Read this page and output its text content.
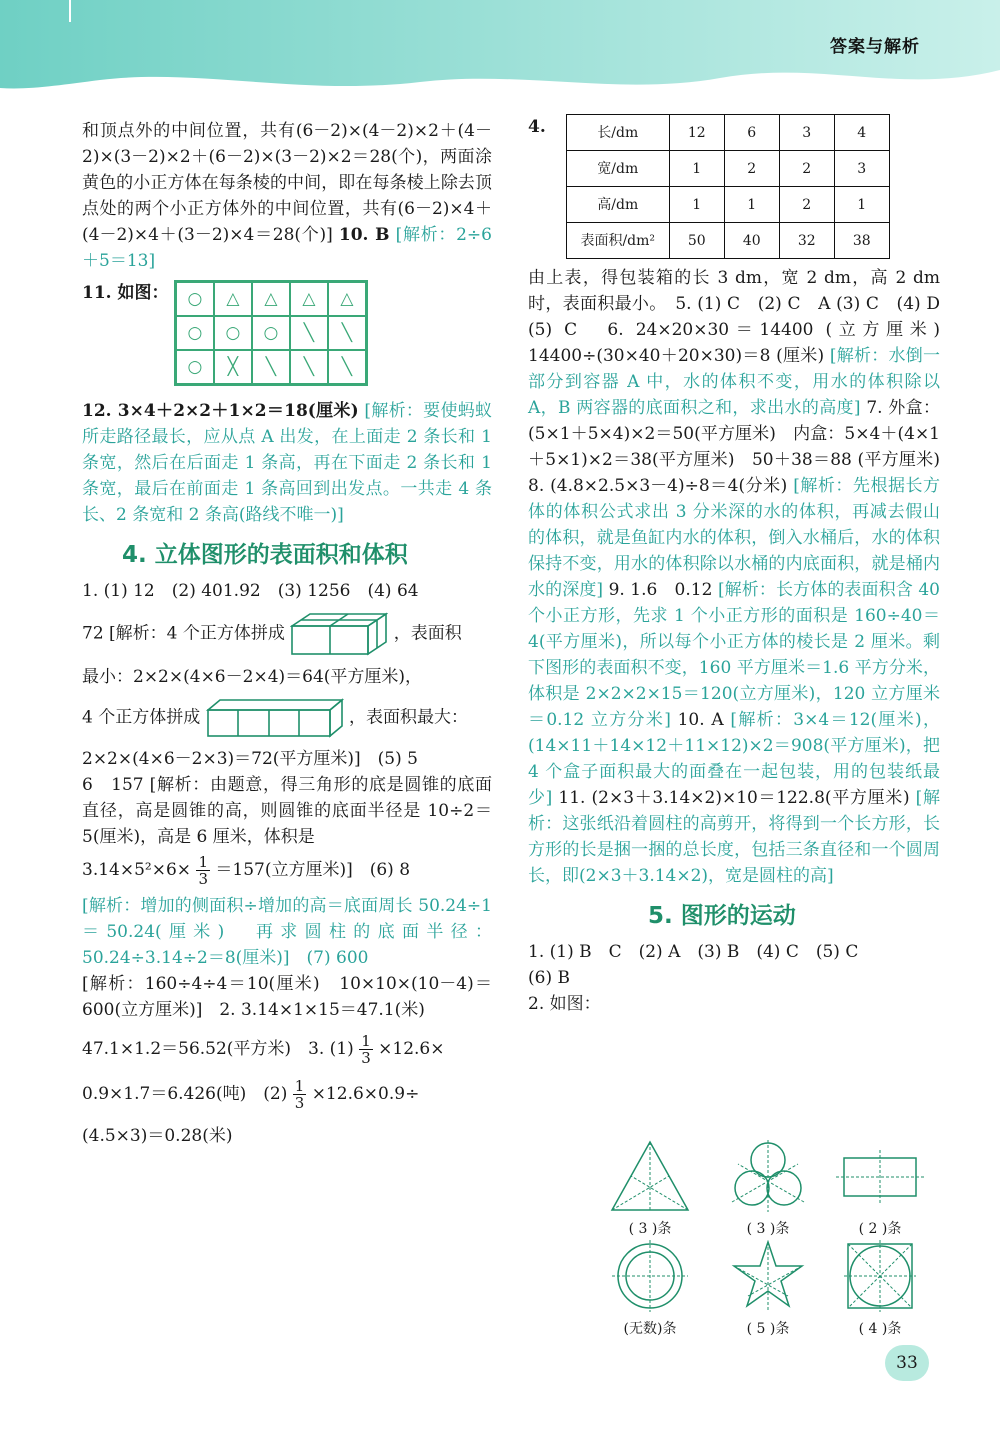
答案与解析

和顶点外的中间位置，共有(6－2)×(4－2)×2＋(4－2)×(3－2)×2＋(6－2)×(3－2)×2＝28(个)，两面涂黄色的小正方体在每条棱的中间，即在每条棱上除去顶点处的两个小正方体外的中间位置，共有(6－2)×4＋(4－2)×4＋(3－2)×4＝28(个)] 10. B [解析：2÷6＋5＝13]

11. 如图：	○	△	△	△	△
○	○	○	╲	╲
○	╳	╲	╲	╲

12. 3×4＋2×2＋1×2＝18(厘米) [解析：要使蚂蚁所走路径最长，应从点 A 出发，在上面走 2 条长和 1 条宽，然后在后面走 1 条高，再在下面走 2 条长和 1 条宽，最后在前面走 1 条高回到出发点。一共走 4 条长、2 条宽和 2 条高(路线不唯一)]

4. 立体图形的表面积和体积

1. (1) 12　(2) 401.92　(3) 1256　(4) 64

72 [解析：4 个正方体拼成	，表面积

最小：2×2×(4×6－2×4)＝64(平方厘米)，

4 个正方体拼成	，表面积最大：

2×2×(4×6－2×3)＝72(平方厘米)]　(5) 5

6　157 [解析：由题意，得三角形的底是圆锥的底面直径，高是圆锥的高，则圆锥的底面半径是 10÷2＝5(厘米)，高是 6 厘米，体积是

$3.14\times 5^2\times 6\times \frac{1}{3} =157$(立方厘米)]　(6) 8

[解析：增加的侧面积÷增加的高＝底面周长 50.24÷1＝50.24(厘米)　再求圆柱的底面半径：50.24÷3.14÷2＝8(厘米)]　(7) 600

[解析：160÷4÷4＝10(厘米)　10×10×(10－4)＝600(立方厘米)]　2. 3.14×1×15＝47.1(米)

47.1×1.2＝56.52(平方米)　3. $(1) \frac{1}{3} \times 12.6\times$

0.9×1.7＝6.426(吨)　$(2) \frac{1}{3} \times 12.6\times 0.9\div$

(4.5×3)＝0.28(米)

4.	长/dm	12	6	3	4
宽/dm	1	2	2	3
高/dm	1	1	2	1
表面积/dm²	50	40	32	38

由上表，得包装箱的长 3 dm，宽 2 dm，高 2 dm 时，表面积最小。　5. (1) C　(2) C　A (3) C　(4) D　(5) C　6. 24×20×30＝14400 (立方厘米)　14400÷(30×40＋20×30)＝8 (厘米) [解析：水倒一部分到容器 A 中，水的体积不变，用水的体积除以 A，B 两容器的底面积之和，求出水的高度] 7. 外盒：(5×1＋5×4)×2＝50(平方厘米)　内盒：5×4＋(4×1＋5×1)×2＝38(平方厘米)　50＋38＝88 (平方厘米)　8. (4.8×2.5×3－4)÷8＝4(分米) [解析：先根据长方体的体积公式求出 3 分米深的水的体积，再减去假山的体积，就是鱼缸内水的体积，倒入水桶后，水的体积保持不变，用水的体积除以水桶的内底面积，就是桶内水的深度] 9. 1.6　0.12 [解析：长方体的表面积含 40 个小正方形，先求 1 个小正方形的面积是 160÷40＝4(平方厘米)，所以每个小正方体的棱长是 2 厘米。剩下图形的表面积不变，160 平方厘米＝1.6 平方分米，体积是 2×2×2×15＝120(立方厘米)，120 立方厘米＝0.12 立方分米] 10. A [解析：3×4＝12(厘米)，(14×11＋14×12＋11×12)×2＝908(平方厘米)，把 4 个盒子面积最大的面叠在一起包装，用的包装纸最少] 11. (2×3＋3.14×2)×10＝122.8(平方厘米) [解析：这张纸沿着圆柱的高剪开，将得到一个长方形，长方形的长是捆一捆的总长度，包括三条直径和一个圆周长，即(2×3＋3.14×2)，宽是圆柱的高]

5. 图形的运动

1. (1) B　C　(2) A　(3) B　(4) C　(5) C

(6) B

2. 如图：

( 3 )条	( 3 )条	( 2 )条
(无数)条	( 5 )条	( 4 )条
33
